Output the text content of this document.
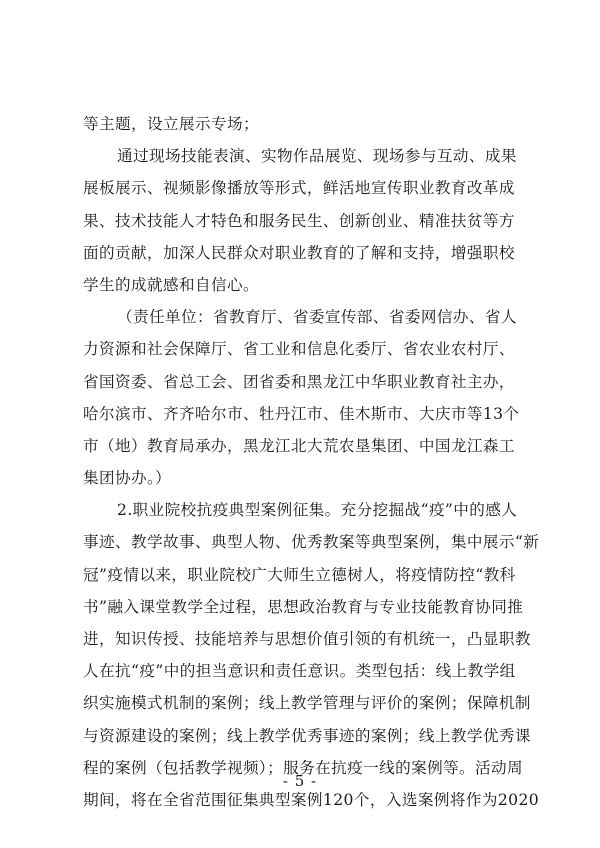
等主题，设立展示专场；
通过现场技能表演、实物作品展览、现场参与互动、成果
展板展示、视频影像播放等形式，鲜活地宣传职业教育改革成
果、技术技能人才特色和服务民生、创新创业、精准扶贫等方
面的贡献，加深人民群众对职业教育的了解和支持，增强职校
学生的成就感和自信心。
（责任单位：省教育厅、省委宣传部、省委网信办、省人
力资源和社会保障厅、省工业和信息化委厅、省农业农村厅、
省国资委、省总工会、团省委和黑龙江中华职业教育社主办，
哈尔滨市、齐齐哈尔市、牡丹江市、佳木斯市、大庆市等13个
市（地）教育局承办，黑龙江北大荒农垦集团、中国龙江森工
集团协办。）
2.职业院校抗疫典型案例征集。充分挖掘战“疫”中的感人
事迹、教学故事、典型人物、优秀教案等典型案例，集中展示“新
冠”疫情以来，职业院校广大师生立德树人，将疫情防控“教科
书”融入课堂教学全过程，思想政治教育与专业技能教育协同推
进，知识传授、技能培养与思想价值引领的有机统一，凸显职教
人在抗“疫”中的担当意识和责任意识。类型包括：线上教学组
织实施模式机制的案例；线上教学管理与评价的案例；保障机制
与资源建设的案例；线上教学优秀事迹的案例；线上教学优秀课
程的案例（包括教学视频）；服务在抗疫一线的案例等。活动周
期间，将在全省范围征集典型案例120个，入选案例将作为2020
- 5 -
